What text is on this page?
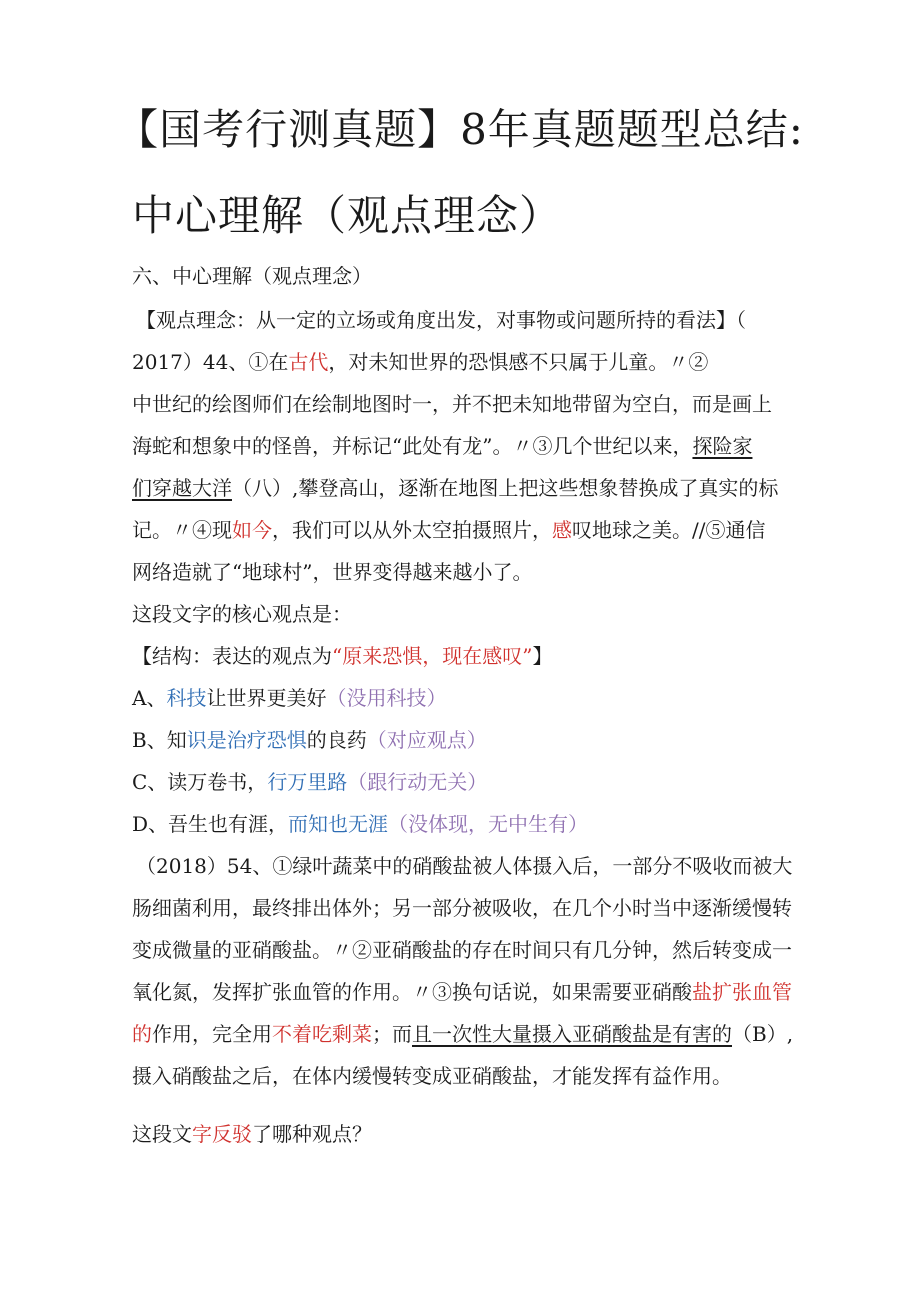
【国考行测真题】8年真题题型总结:
中心理解（观点理念）
六、中心理解（观点理念）
【观点理念：从一定的立场或角度出发，对事物或问题所持的看法】（
2017）44、①在古代，对未知世界的恐惧感不只属于儿童。〃②
中世纪的绘图师们在绘制地图时一，并不把未知地带留为空白，而是画上
海蛇和想象中的怪兽，并标记“此处有龙”。〃③几个世纪以来，探险家
们穿越大洋（八）,攀登高山，逐渐在地图上把这些想象替换成了真实的标
记。〃④现如今，我们可以从外太空拍摄照片，感叹地球之美。//⑤通信
网络造就了“地球村”，世界变得越来越小了。
这段文字的核心观点是：
【结构：表达的观点为“原来恐惧，现在感叹”】
A、科技让世界更美好（没用科技）
B、知识是治疗恐惧的良药（对应观点）
C、读万卷书，行万里路（跟行动无关）
D、吾生也有涯，而知也无涯（没体现，无中生有）
（2018）54、①绿叶蔬菜中的硝酸盐被人体摄入后，一部分不吸收而被大
肠细菌利用，最终排出体外；另一部分被吸收，在几个小时当中逐渐缓慢转
变成微量的亚硝酸盐。〃②亚硝酸盐的存在时间只有几分钟，然后转变成一
氧化氮，发挥扩张血管的作用。〃③换句话说，如果需要亚硝酸盐扩张血管
的作用，完全用不着吃剩菜；而且一次性大量摄入亚硝酸盐是有害的（B）,
摄入硝酸盐之后，在体内缓慢转变成亚硝酸盐，才能发挥有益作用。
这段文字反驳了哪种观点？
